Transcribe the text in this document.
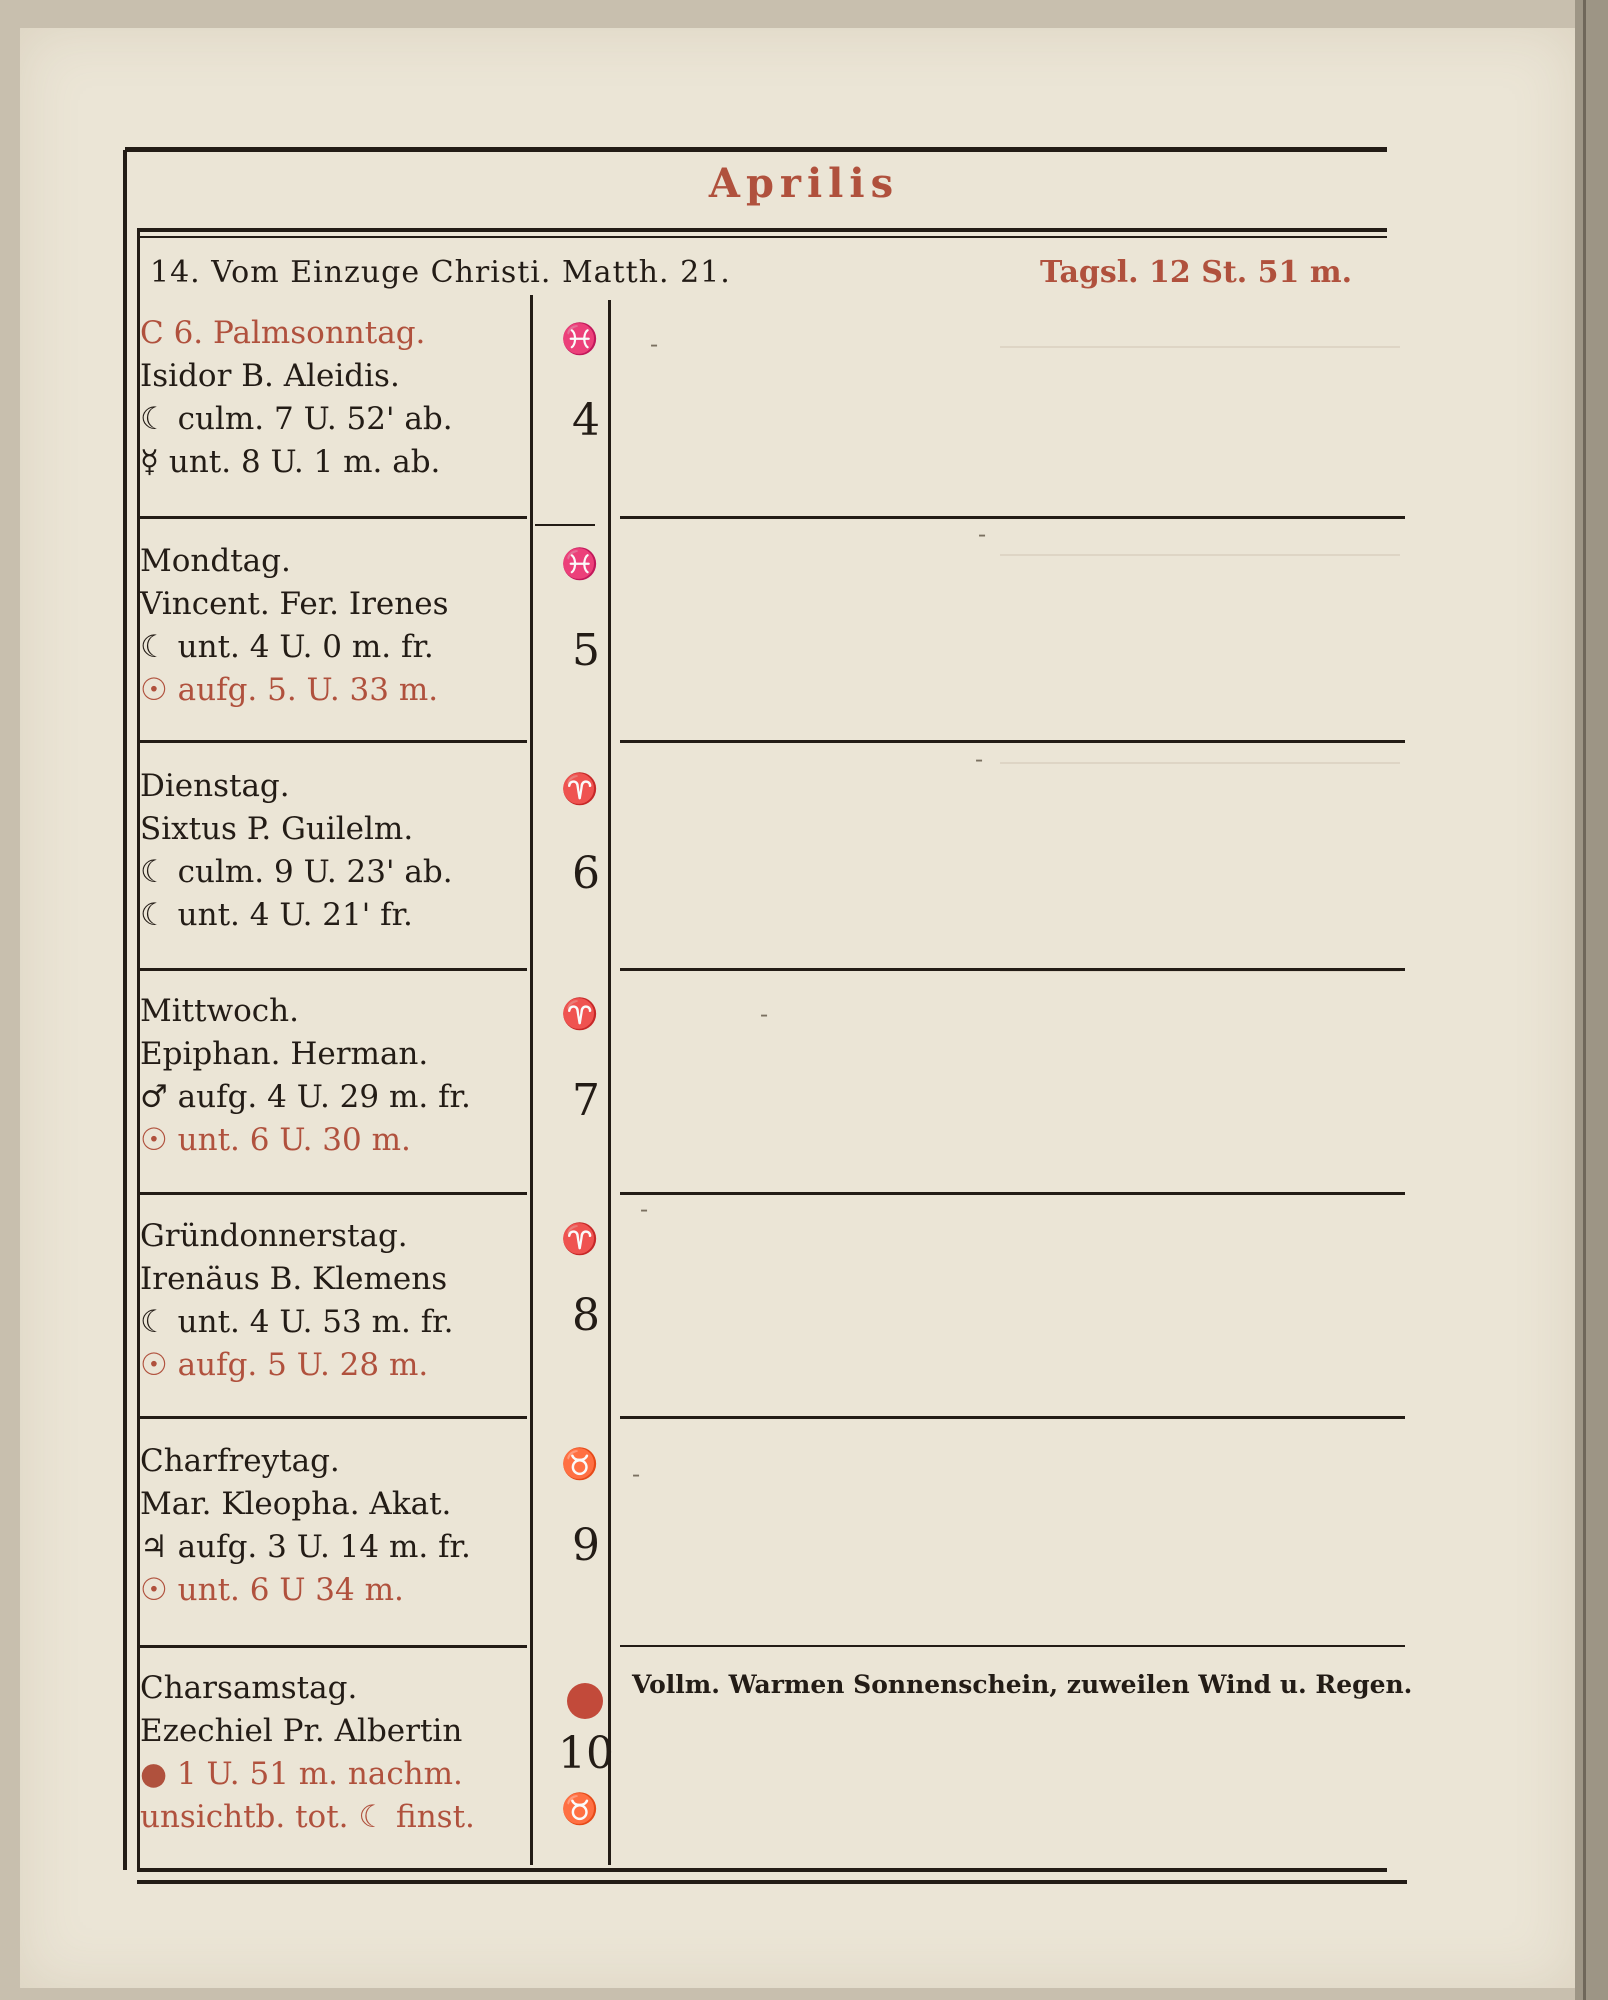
Aprilis
14. Vom Einzuge Christi. Matth. 21.	Tagsl. 12 St. 51 m.
C 6. Palmsonntag.
Isidor B. Aleidis.
☾ culm. 7 U. 52' ab.
☿ unt. 8 U. 1 m. ab.
♓
4
Mondtag.
Vincent. Fer. Irenes
☾ unt. 4 U. 0 m. fr.
☉ aufg. 5. U. 33 m.
♓
5
Dienstag.
Sixtus P. Guilelm.
☾ culm. 9 U. 23' ab.
☾ unt. 4 U. 21' fr.
♈
6
Mittwoch.
Epiphan. Herman.
♂ aufg. 4 U. 29 m. fr.
☉ unt. 6 U. 30 m.
♈
7
Gründonnerstag.
Irenäus B. Klemens
☾ unt. 4 U. 53 m. fr.
☉ aufg. 5 U. 28 m.
♈
8
Charfreytag.
Mar. Kleopha. Akat.
♃ aufg. 3 U. 14 m. fr.
☉ unt. 6 U 34 m.
♉
9
Charsamstag.
Ezechiel Pr. Albertin
● 1 U. 51 m. nachm.
unsichtb. tot. ☾ finst.
10
♉
-
-
-
-
-
-
Vollm. Warmen Sonnenschein, zuweilen Wind u. Regen.
